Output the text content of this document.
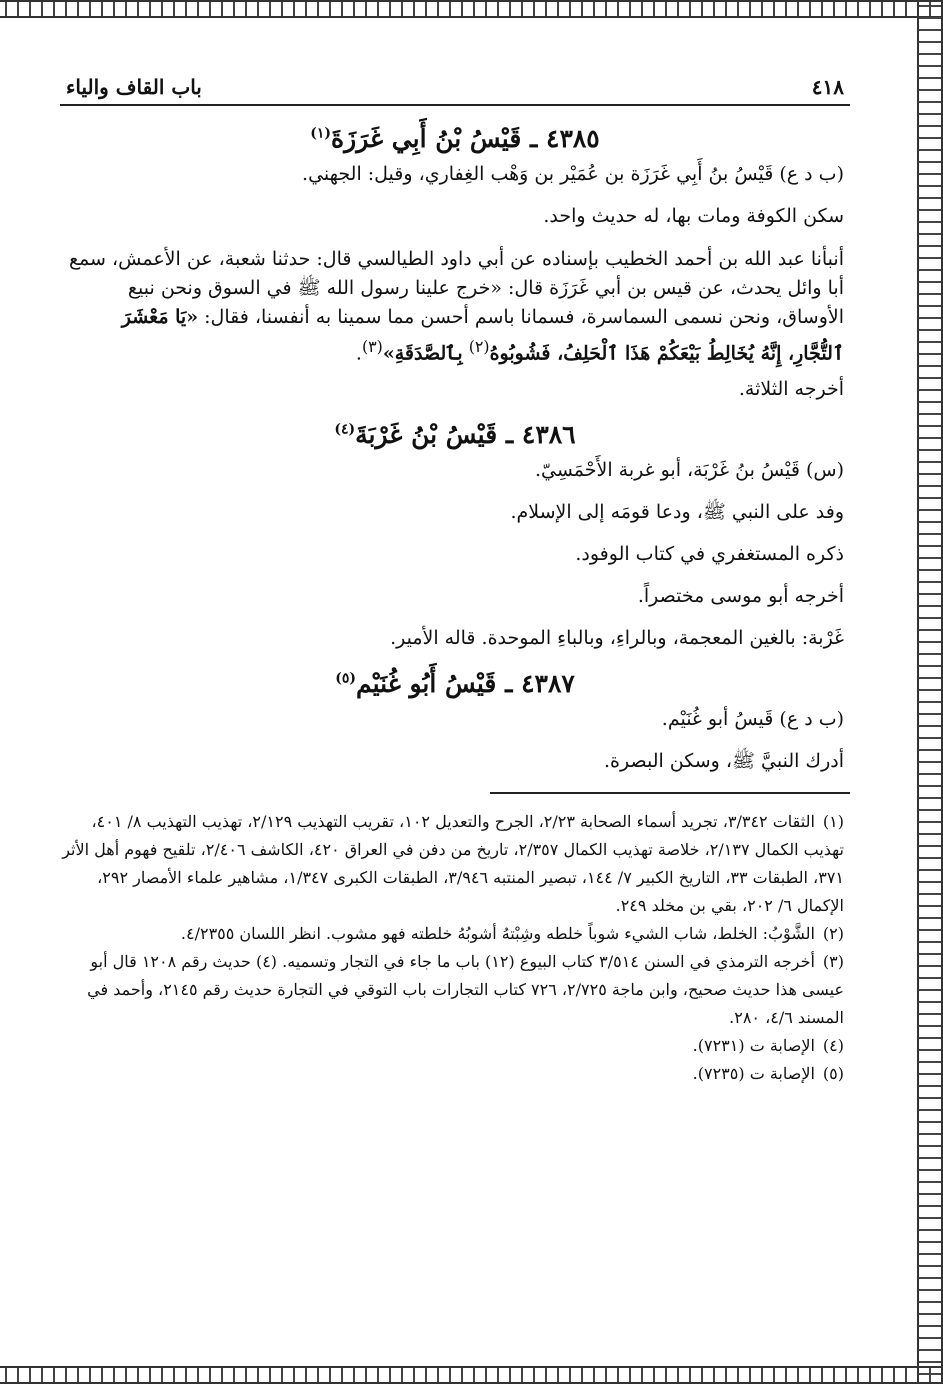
٤١٨
باب القاف والياء
٤٣٨٥ ـ قَيْسُ بْنُ أَبِي غَرَزَةَ$^{(١)}$

(ب د ع) قَيْسُ بنُ أَبِي غَرَزَة بن عُمَيْر بن وَهْب الغِفاري، وقيل: الجهني.

سكن الكوفة ومات بها، له حديث واحد.

أنبأنا عبد الله بن أحمد الخطيب بإسناده عن أبي داود الطيالسي قال: حدثنا شعبة، عن الأعمش، سمع أبا وائل يحدث، عن قيس بن أبي غَرَزَة قال: «خرج علينا رسول الله ﷺ في السوق ونحن نبيع الأوساق، ونحن نسمى السماسرة، فسمانا باسم أحسن مما سمينا به أنفسنا، فقال: «يَا مَعْشَرَ ٱلتُّجَّارِ، إِنَّهُ يُخَالِطُ بَيْعَكُمْ هَذَا ٱلْحَلِفُ، فَشُوبُوهُ$^{(٢)}$ بِٱلصَّدَقَةِ»$^{(٣)}$.

أخرجه الثلاثة.

٤٣٨٦ ـ قَيْسُ بْنُ غَرْبَةَ$^{(٤)}$

(س) قَيْسُ بنُ غَرْبَة، أبو غربة الأَحْمَسِيّ.

وفد على النبي ﷺ، ودعا قومَه إلى الإسلام.

ذكره المستغفري في كتاب الوفود.

أخرجه أبو موسى مختصراً.

غَرْبة: بالغين المعجمة، وبالراءِ، وبالباءِ الموحدة. قاله الأمير.

٤٣٨٧ ـ قَيْسُ أَبُو غُنَيْم$^{(٥)}$

(ب د ع) قَيسُ أبو غُنَيْم.

أدرك النبيَّ ﷺ، وسكن البصرة.

(١)الثقات ٣/٣٤٢، تجريد أسماء الصحابة ٢/٢٣، الجرح والتعديل ١٠٢، تقريب التهذيب ٢/١٢٩، تهذيب التهذيب ٨/ ٤٠١، تهذيب الكمال ٢/١٣٧، خلاصة تهذيب الكمال ٢/٣٥٧، تاريخ من دفن في العراق ٤٢٠، الكاشف ٢/٤٠٦، تلقيح فهوم أهل الأثر ٣٧١، الطبقات ٣٣، التاريخ الكبير ٧/ ١٤٤، تبصير المنتبه ٣/٩٤٦، الطبقات الكبرى ١/٣٤٧، مشاهير علماء الأمصار ٢٩٢، الإكمال ٦/ ٢٠٢، بقي بن مخلد ٢٤٩.

(٢)الشَّوْبُ: الخلط، شاب الشيء شوباً خلطه وشِبْتهُ أشوبُهُ خلطته فهو مشوب. انظر اللسان ٤/٢٣٥٥.

(٣)أخرجه الترمذي في السنن ٣/٥١٤ كتاب البيوع (١٢) باب ما جاء في التجار وتسميه. (٤) حديث رقم ١٢٠٨ قال أبو عيسى هذا حديث صحيح، وابن ماجة ٢/٧٢٥، ٧٢٦ كتاب التجارات باب التوقي في التجارة حديث رقم ٢١٤٥، وأحمد في المسند ٤/٦، ٢٨٠.

(٤)الإصابة ت (٧٢٣١).

(٥)الإصابة ت (٧٢٣٥).
